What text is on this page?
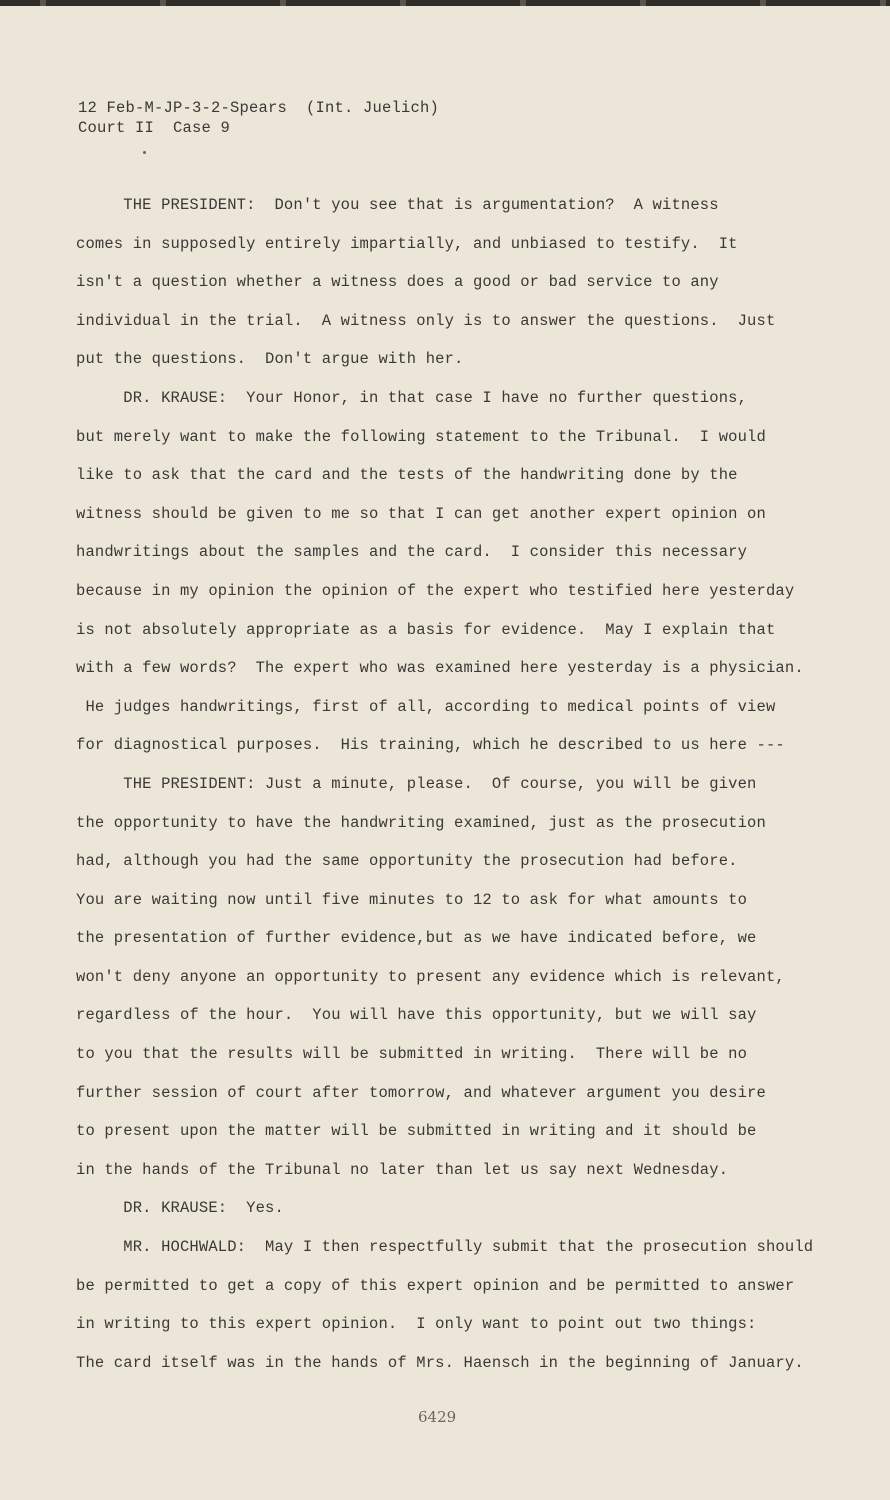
12 Feb-M-JP-3-2-Spears  (Int. Juelich)
Court II  Case 9
THE PRESIDENT:  Don't you see that is argumentation?  A witness
comes in supposedly entirely impartially, and unbiased to testify.  It
isn't a question whether a witness does a good or bad service to any
individual in the trial.  A witness only is to answer the questions.  Just
put the questions.  Don't argue with her.
DR. KRAUSE:  Your Honor, in that case I have no further questions,
but merely want to make the following statement to the Tribunal.  I would
like to ask that the card and the tests of the handwriting done by the
witness should be given to me so that I can get another expert opinion on
handwritings about the samples and the card.  I consider this necessary
because in my opinion the opinion of the expert who testified here yesterday
is not absolutely appropriate as a basis for evidence.  May I explain that
with a few words?  The expert who was examined here yesterday is a physician.
He judges handwritings, first of all, according to medical points of view
for diagnostical purposes.  His training, which he described to us here ---
THE PRESIDENT: Just a minute, please.  Of course, you will be given
the opportunity to have the handwriting examined, just as the prosecution
had, although you had the same opportunity the prosecution had before.
You are waiting now until five minutes to 12 to ask for what amounts to
the presentation of further evidence,but as we have indicated before, we
won't deny anyone an opportunity to present any evidence which is relevant,
regardless of the hour.  You will have this opportunity, but we will say
to you that the results will be submitted in writing.  There will be no
further session of court after tomorrow, and whatever argument you desire
to present upon the matter will be submitted in writing and it should be
in the hands of the Tribunal no later than let us say next Wednesday.
DR. KRAUSE:  Yes.
MR. HOCHWALD:  May I then respectfully submit that the prosecution should
be permitted to get a copy of this expert opinion and be permitted to answer
in writing to this expert opinion.  I only want to point out two things:
The card itself was in the hands of Mrs. Haensch in the beginning of January.
6429
